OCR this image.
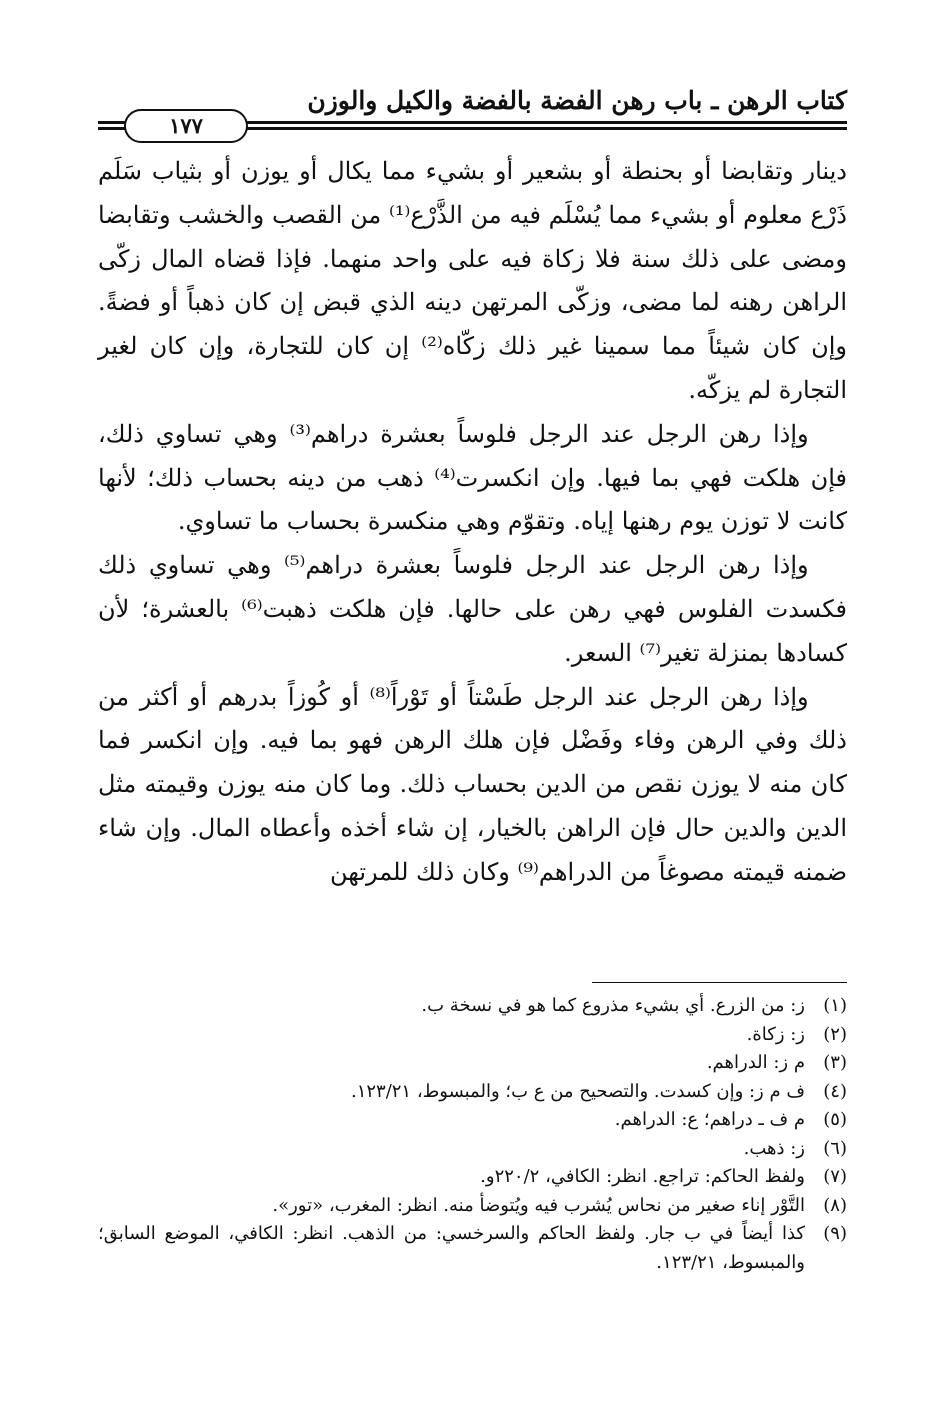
كتاب الرهن ـ باب رهن الفضة بالفضة والكيل والوزن
١٧٧

دينار وتقابضا أو بحنطة أو بشعير أو بشيء مما يكال أو يوزن أو بثياب سَلَم ذَرْع معلوم أو بشيء مما يُسْلَم فيه من الذَّرْع⁽¹⁾ من القصب والخشب وتقابضا ومضى على ذلك سنة فلا زكاة فيه على واحد منهما. فإذا قضاه المال زكّى الراهن رهنه لما مضى، وزكّى المرتهن دينه الذي قبض إن كان ذهباً أو فضةً. وإن كان شيئاً مما سمينا غير ذلك زكّاه⁽²⁾ إن كان للتجارة، وإن كان لغير التجارة لم يزكّه.

وإذا رهن الرجل عند الرجل فلوساً بعشرة دراهم⁽³⁾ وهي تساوي ذلك، فإن هلكت فهي بما فيها. وإن انكسرت⁽⁴⁾ ذهب من دينه بحساب ذلك؛ لأنها كانت لا توزن يوم رهنها إياه. وتقوّم وهي منكسرة بحساب ما تساوي.

وإذا رهن الرجل عند الرجل فلوساً بعشرة دراهم⁽⁵⁾ وهي تساوي ذلك فكسدت الفلوس فهي رهن على حالها. فإن هلكت ذهبت⁽⁶⁾ بالعشرة؛ لأن كسادها بمنزلة تغير⁽⁷⁾ السعر.

وإذا رهن الرجل عند الرجل طَسْتاً أو تَوْراً⁽⁸⁾ أو كُوزاً بدرهم أو أكثر من ذلك وفي الرهن وفاء وفَضْل فإن هلك الرهن فهو بما فيه. وإن انكسر فما كان منه لا يوزن نقص من الدين بحساب ذلك. وما كان منه يوزن وقيمته مثل الدين والدين حال فإن الراهن بالخيار، إن شاء أخذه وأعطاه المال. وإن شاء ضمنه قيمته مصوغاً من الدراهم⁽⁹⁾ وكان ذلك للمرتهن

(١)
ز: من الزرع. أي بشيء مذروع كما هو في نسخة ب.
(٢)
ز: زكاة.
(٣)
م ز: الدراهم.
(٤)
ف م ز: وإن كسدت. والتصحيح من ع ب؛ والمبسوط، ١٢٣/٢١.
(٥)
م ف ـ دراهم؛ ع: الدراهم.
(٦)
ز: ذهب.
(٧)
ولفظ الحاكم: تراجع. انظر: الكافي، ٢٢٠/٢و.
(٨)
التَّوْر إناء صغير من نحاس يُشرب فيه ويُتوضأ منه. انظر: المغرب، «تور».
(٩)
كذا أيضاً في ب جار. ولفظ الحاكم والسرخسي: من الذهب. انظر: الكافي، الموضع السابق؛ والمبسوط، ١٢٣/٢١.
